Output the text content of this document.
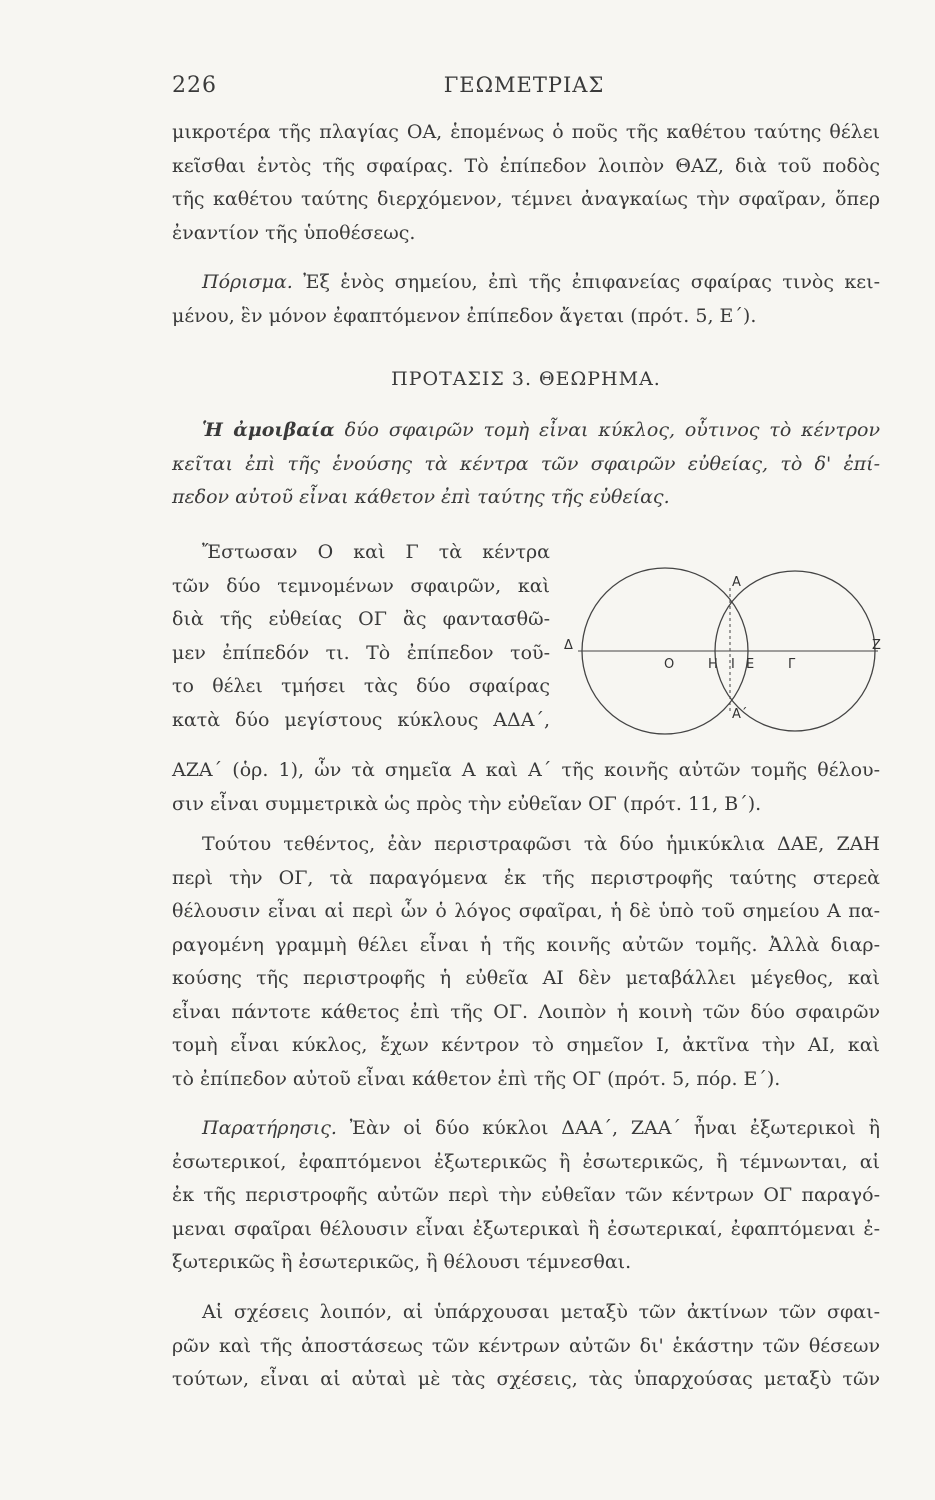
226	ΓΕΩΜΕΤΡΙΑΣ
μικροτέρα τῆς πλαγίας ΟΑ, ἑπομένως ὁ ποῦς τῆς καθέτου ταύτης θέλει
κεῖσθαι ἐντὸς τῆς σφαίρας. Τὸ ἐπίπεδον λοιπὸν ΘΑΖ, διὰ τοῦ ποδὸς
τῆς καθέτου ταύτης διερχόμενον, τέμνει ἀναγκαίως τὴν σφαῖραν, ὅπερ
ἐναντίον τῆς ὑποθέσεως.
Πόρισμα. Ἐξ ἑνὸς σημείου, ἐπὶ τῆς ἐπιφανείας σφαίρας τινὸς κει-
μένου, ἓν μόνον ἐφαπτόμενον ἐπίπεδον ἄγεται (πρότ. 5, Ε΄).
ΠΡΟΤΑΣΙΣ 3. ΘΕΩΡΗΜΑ.
Ἡ ἀμοιβαία δύο σφαιρῶν τομὴ εἶναι κύκλος, οὗτινος τὸ κέντρον
κεῖται ἐπὶ τῆς ἑνούσης τὰ κέντρα τῶν σφαιρῶν εὐθείας, τὸ δ' ἐπί-
πεδον αὐτοῦ εἶναι κάθετον ἐπὶ ταύτης τῆς εὐθείας.
Ἔστωσαν Ο καὶ Γ τὰ κέντρα
τῶν δύο τεμνομένων σφαιρῶν, καὶ
διὰ τῆς εὐθείας ΟΓ ἂς φαντασθῶ-
μεν ἐπίπεδόν τι. Τὸ ἐπίπεδον τοῦ-
το θέλει τμήσει τὰς δύο σφαίρας
κατὰ δύο μεγίστους κύκλους ΑΔΑ΄,
Α
Α΄
Δ	Ζ
Ο	Η Ι Ε	Γ
ΑΖΑ΄ (ὁρ. 1), ὧν τὰ σημεῖα Α καὶ Α΄ τῆς κοινῆς αὐτῶν τομῆς θέλου-
σιν εἶναι συμμετρικὰ ὡς πρὸς τὴν εὐθεῖαν ΟΓ (πρότ. 11, Β΄).
Τούτου τεθέντος, ἐὰν περιστραφῶσι τὰ δύο ἡμικύκλια ΔΑΕ, ΖΑΗ
περὶ τὴν ΟΓ, τὰ παραγόμενα ἐκ τῆς περιστροφῆς ταύτης στερεὰ
θέλουσιν εἶναι αἱ περὶ ὧν ὁ λόγος σφαῖραι, ἡ δὲ ὑπὸ τοῦ σημείου Α πα-
ραγομένη γραμμὴ θέλει εἶναι ἡ τῆς κοινῆς αὐτῶν τομῆς. Ἀλλὰ διαρ-
κούσης τῆς περιστροφῆς ἡ εὐθεῖα ΑΙ δὲν μεταβάλλει μέγεθος, καὶ
εἶναι πάντοτε κάθετος ἐπὶ τῆς ΟΓ. Λοιπὸν ἡ κοινὴ τῶν δύο σφαιρῶν
τομὴ εἶναι κύκλος, ἔχων κέντρον τὸ σημεῖον Ι, ἀκτῖνα τὴν ΑΙ, καὶ
τὸ ἐπίπεδον αὐτοῦ εἶναι κάθετον ἐπὶ τῆς ΟΓ (πρότ. 5, πόρ. Ε΄).
Παρατήρησις. Ἐὰν οἱ δύο κύκλοι ΔΑΑ΄, ΖΑΑ΄ ἦναι ἐξωτερικοὶ ἢ
ἐσωτερικοί, ἐφαπτόμενοι ἐξωτερικῶς ἢ ἐσωτερικῶς, ἢ τέμνωνται, αἱ
ἐκ τῆς περιστροφῆς αὐτῶν περὶ τὴν εὐθεῖαν τῶν κέντρων ΟΓ παραγό-
μεναι σφαῖραι θέλουσιν εἶναι ἐξωτερικαὶ ἢ ἐσωτερικαί, ἐφαπτόμεναι ἐ-
ξωτερικῶς ἢ ἐσωτερικῶς, ἢ θέλουσι τέμνεσθαι.
Αἱ σχέσεις λοιπόν, αἱ ὑπάρχουσαι μεταξὺ τῶν ἀκτίνων τῶν σφαι-
ρῶν καὶ τῆς ἀποστάσεως τῶν κέντρων αὐτῶν δι' ἑκάστην τῶν θέσεων
τούτων, εἶναι αἱ αὐταὶ μὲ τὰς σχέσεις, τὰς ὑπαρχούσας μεταξὺ τῶν
